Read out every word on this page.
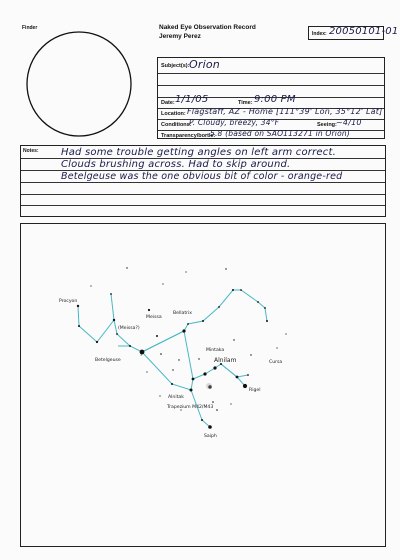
Finder	Naked Eye Observation Record
Jeremy Perez	Index: 20050101-01
Subject(s): Orion
Date: 1/1/05	Time: 9:00 PM
Location: Flagstaff, AZ - Home [111°39' Lon, 35°12' Lat]
Conditions:
P. Cloudy, breezy, 34°F	Seeing: ~4/10
Transparency/bortle:
5.8 (based on SAO113271 in Orion)
Notes: Had some trouble getting angles on left arm correct.
Clouds brushing across. Had to skip around.
Betelgeuse was the one obvious bit of color - orange-red
Procyon
(Meissa?)
Meissa
Bellatrix
Betelgeuse
Mintaka
Alnilam	Cursa
Alnitak
Trapezium M42/M43
Rigel
Saiph
